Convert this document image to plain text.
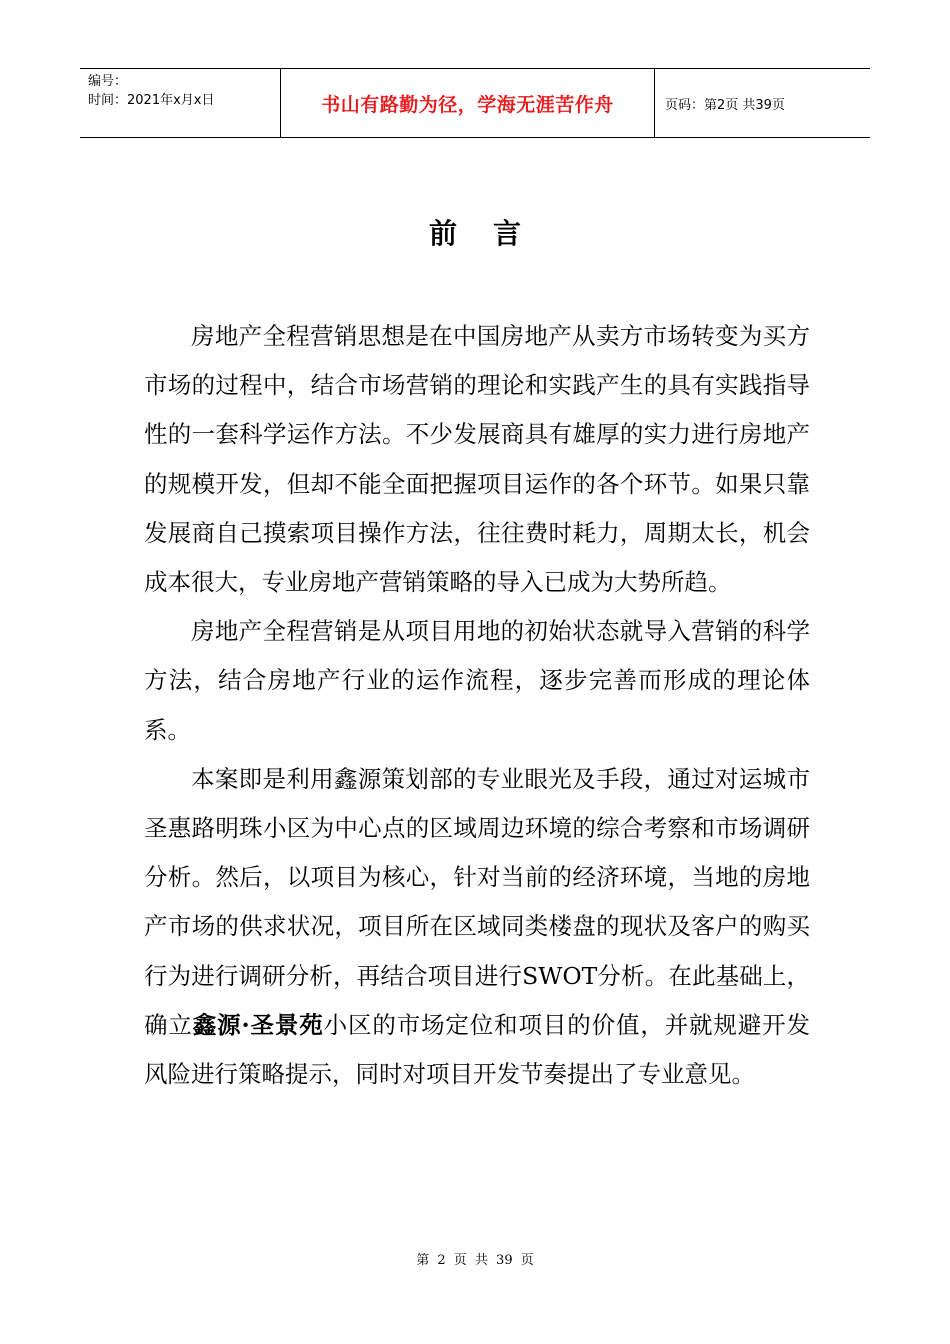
编号：
时间：2021年x月x日	书山有路勤为径，学海无涯苦作舟	页码：第2页 共39页
前言

房地产全程营销思想是在中国房地产从卖方市场转变为买方市场的过程中，结合市场营销的理论和实践产生的具有实践指导性的一套科学运作方法。不少发展商具有雄厚的实力进行房地产的规模开发，但却不能全面把握项目运作的各个环节。如果只靠发展商自己摸索项目操作方法，往往费时耗力，周期太长，机会成本很大，专业房地产营销策略的导入已成为大势所趋。

房地产全程营销是从项目用地的初始状态就导入营销的科学方法，结合房地产行业的运作流程，逐步完善而形成的理论体系。

本案即是利用鑫源策划部的专业眼光及手段，通过对运城市圣惠路明珠小区为中心点的区域周边环境的综合考察和市场调研分析。然后，以项目为核心，针对当前的经济环境，当地的房地产市场的供求状况，项目所在区域同类楼盘的现状及客户的购买行为进行调研分析，再结合项目进行SWOT分析。在此基础上，确立鑫源·圣景苑小区的市场定位和项目的价值，并就规避开发风险进行策略提示，同时对项目开发节奏提出了专业意见。

第 2 页 共 39 页
